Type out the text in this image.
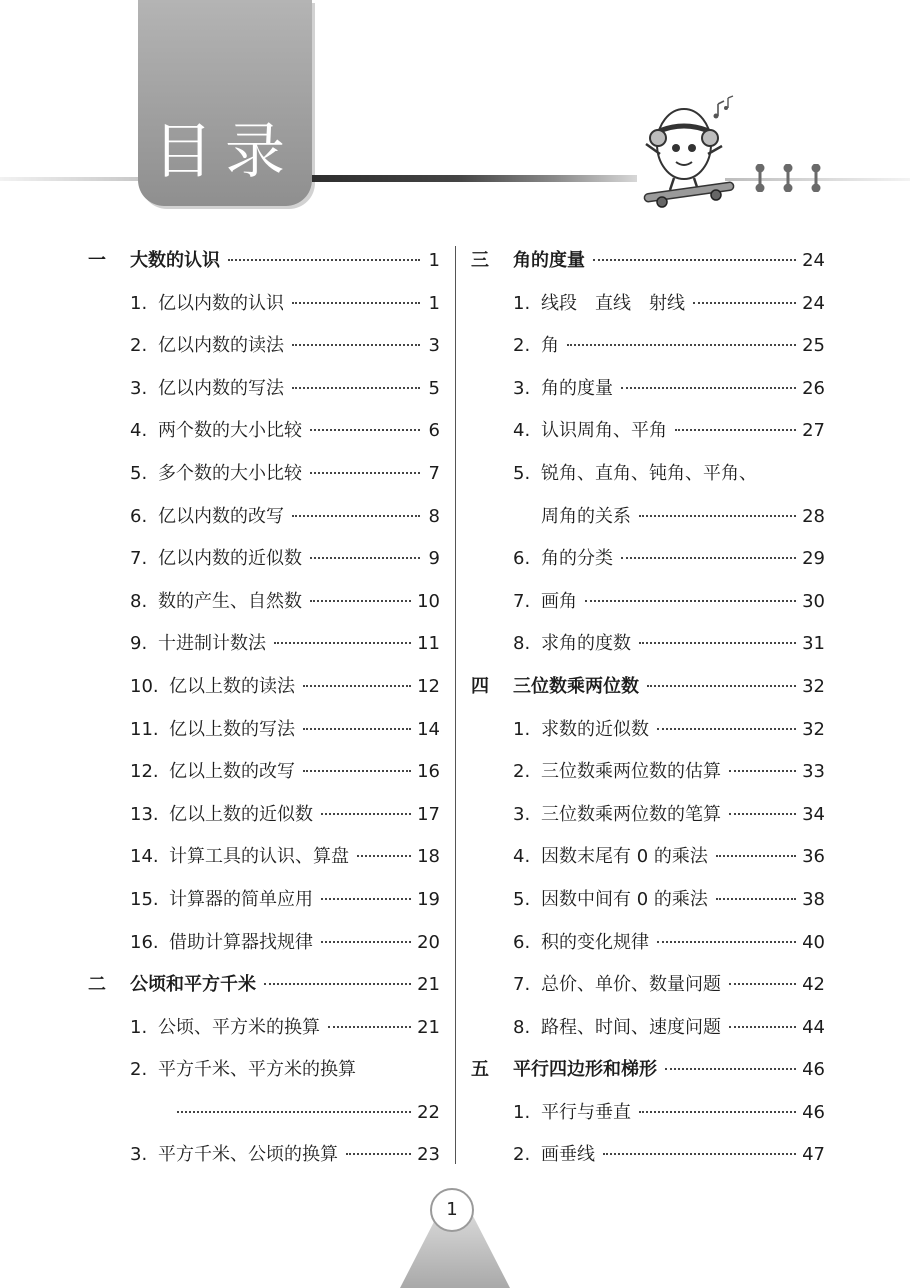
目录
一 大数的认识	1
1. 亿以内数的认识	1
2. 亿以内数的读法	3
3. 亿以内数的写法	5
4. 两个数的大小比较	6
5. 多个数的大小比较	7
6. 亿以内数的改写	8
7. 亿以内数的近似数	9
8. 数的产生、自然数	10
9. 十进制计数法	11
10. 亿以上数的读法	12
11. 亿以上数的写法	14
12. 亿以上数的改写	16
13. 亿以上数的近似数	17
14. 计算工具的认识、算盘	18
15. 计算器的简单应用	19
16. 借助计算器找规律	20
二 公顷和平方千米	21
1. 公顷、平方米的换算	21
2. 平方千米、平方米的换算
22
3. 平方千米、公顷的换算	23
三 角的度量	24
1. 线段　直线　射线	24
2. 角	25
3. 角的度量	26
4. 认识周角、平角	27
5. 锐角、直角、钝角、平角、
周角的关系	28
6. 角的分类	29
7. 画角	30
8. 求角的度数	31
四 三位数乘两位数	32
1. 求数的近似数	32
2. 三位数乘两位数的估算	33
3. 三位数乘两位数的笔算	34
4. 因数末尾有 0 的乘法	36
5. 因数中间有 0 的乘法	38
6. 积的变化规律	40
7. 总价、单价、数量问题	42
8. 路程、时间、速度问题	44
五 平行四边形和梯形	46
1. 平行与垂直	46
2. 画垂线	47
1
